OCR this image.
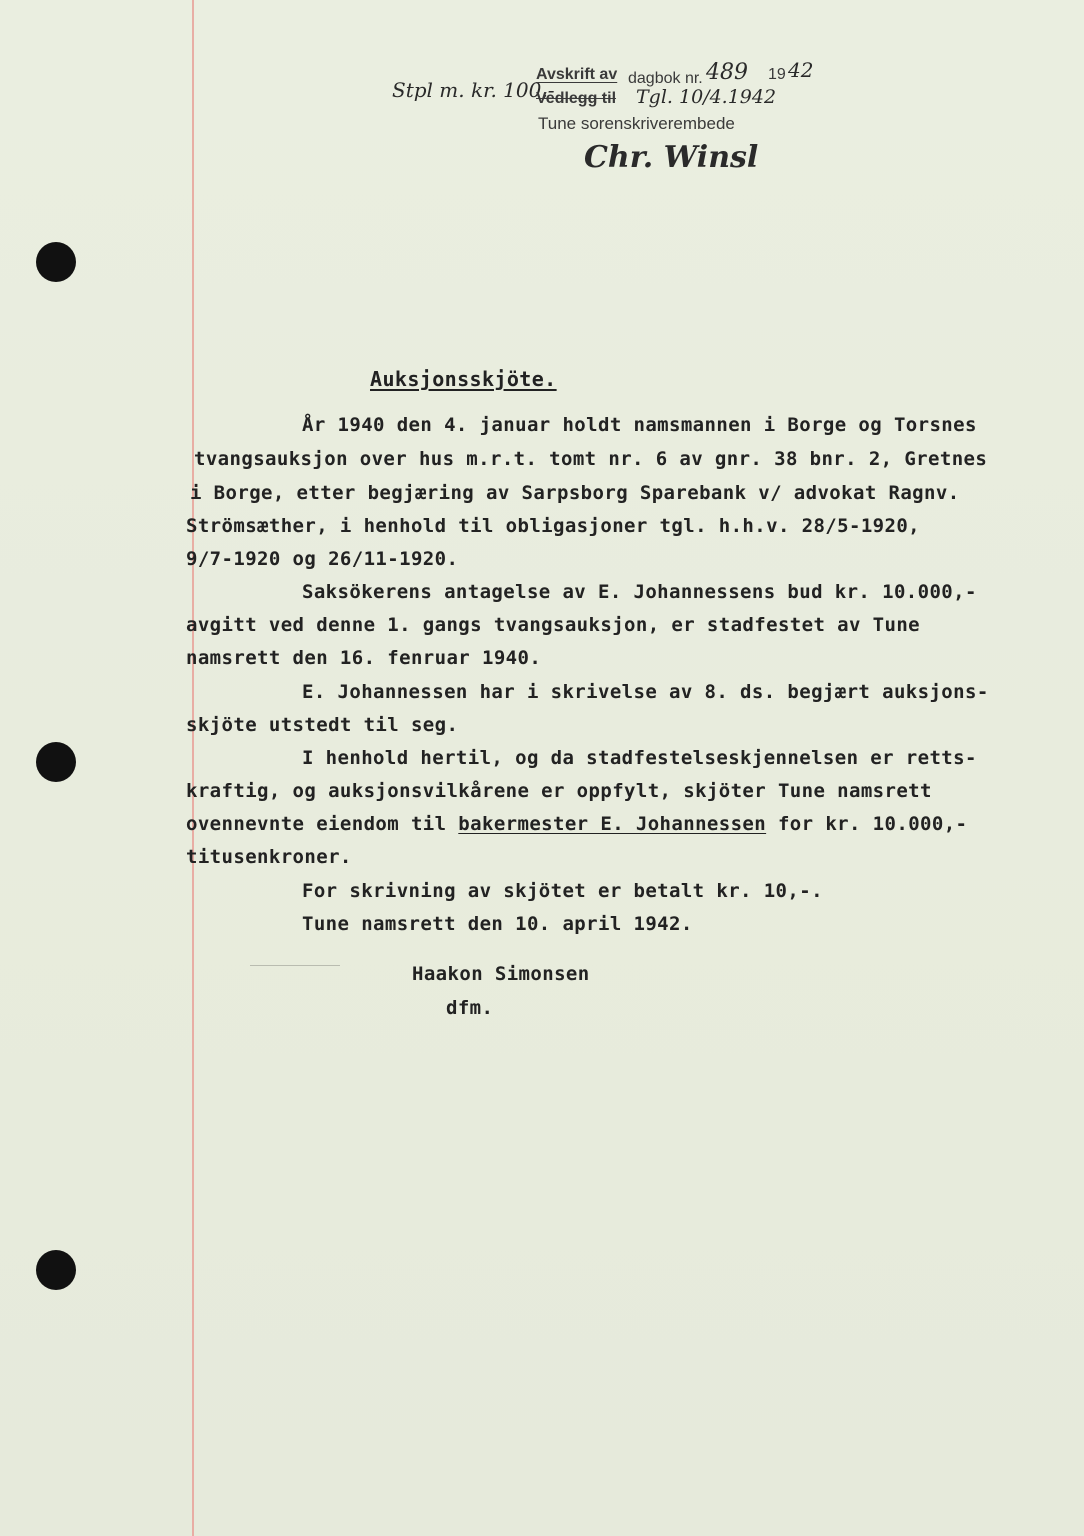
Stpl m. kr. 100,-
Avskrift av dagbok nr. 489 19 42
Vedlegg til Tgl. 10/4.1942
Tune sorenskriverembede
Chr. Winsl
Auksjonsskjöte.
År 1940 den 4. januar holdt namsmannen i Borge og Torsnes
tvangsauksjon over hus m.r.t. tomt nr. 6 av gnr. 38 bnr. 2, Gretnes
i Borge, etter begjæring av Sarpsborg Sparebank v/ advokat Ragnv.
Strömsæther, i henhold til obligasjoner tgl. h.h.v. 28/5-1920,
9/7-1920 og 26/11-1920.
Saksökerens antagelse av E. Johannessens bud kr. 10.000,-
avgitt ved denne 1. gangs tvangsauksjon, er stadfestet av Tune
namsrett den 16. fenruar 1940.
E. Johannessen har i skrivelse av 8. ds. begjært auksjons-
skjöte utstedt til seg.
I henhold hertil, og da stadfestelseskjennelsen er retts-
kraftig, og auksjonsvilkårene er oppfylt, skjöter Tune namsrett
ovennevnte eiendom til bakermester E. Johannessen for kr. 10.000,-
titusenkroner.
For skrivning av skjötet er betalt kr. 10,-.
Tune namsrett den 10. april 1942.
Haakon Simonsen
dfm.
